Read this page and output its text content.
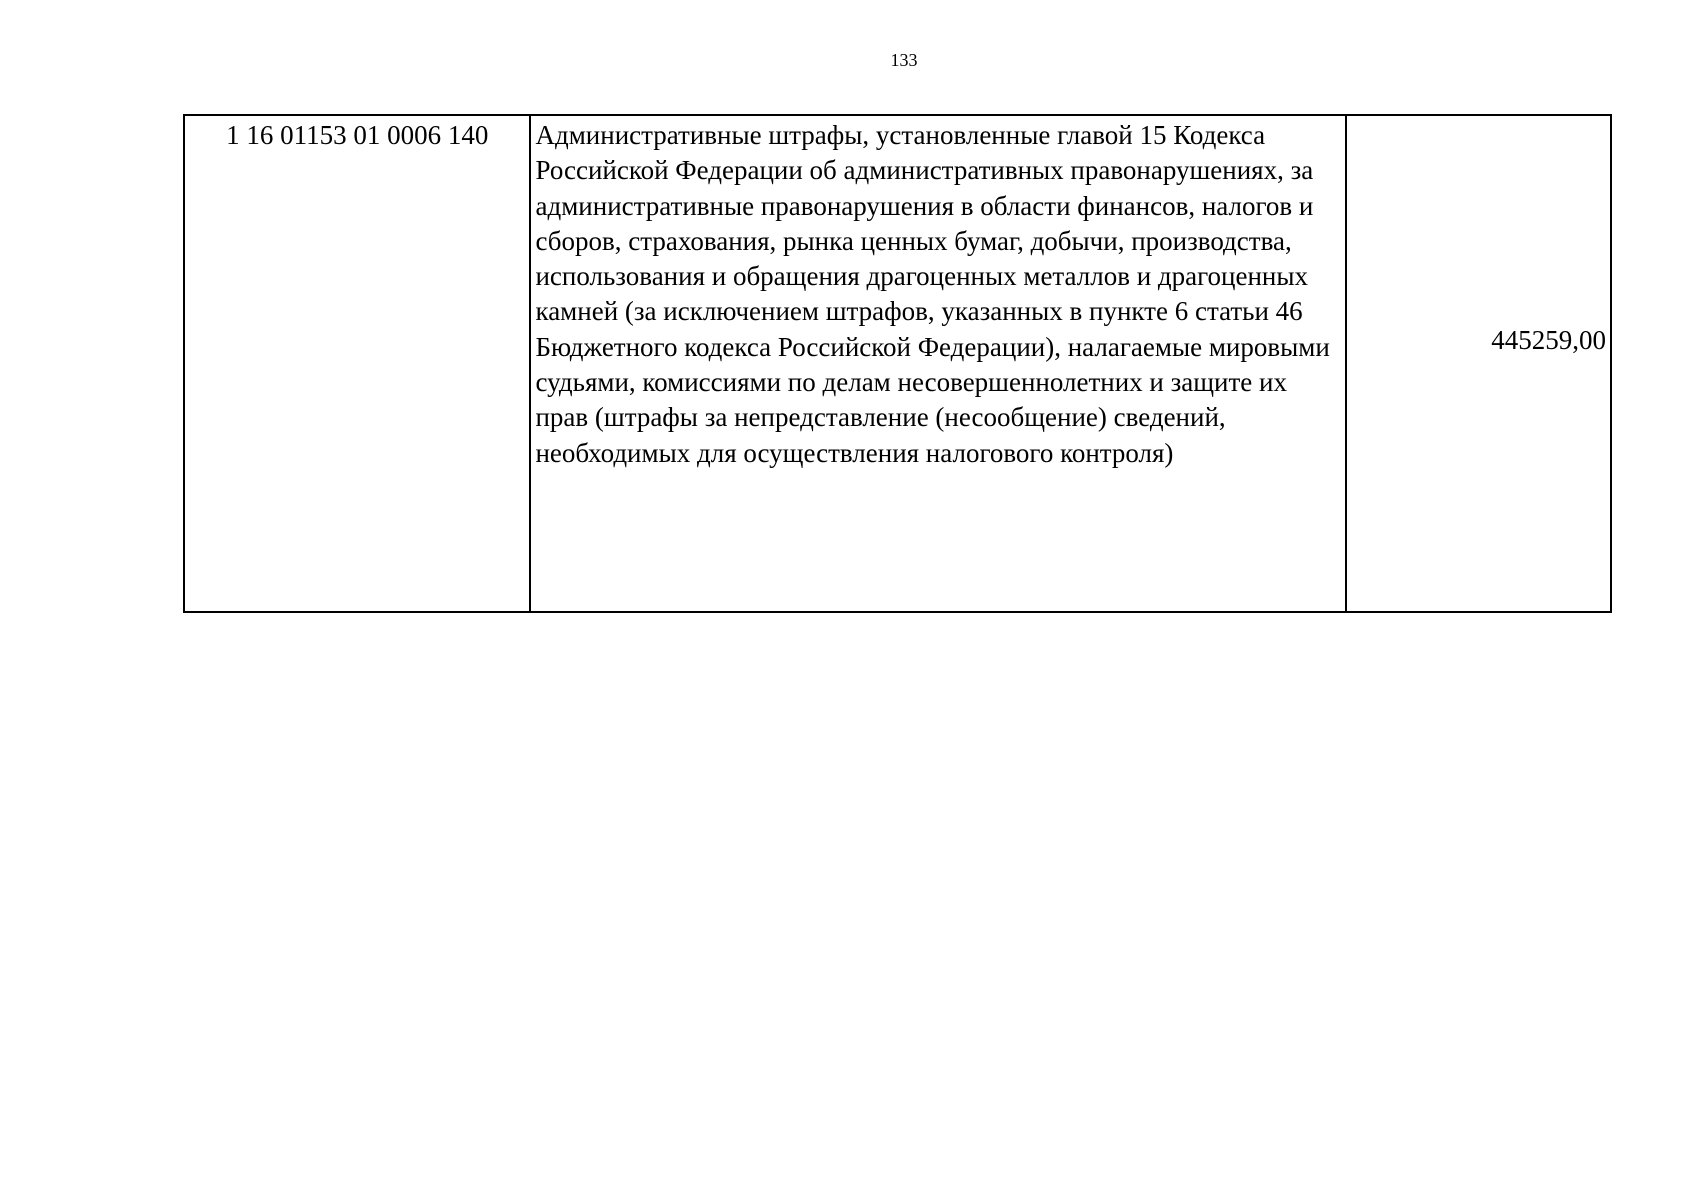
133
1 16 01153 01 0006 140	Административные штрафы, установленные главой 15 Кодекса Российской Федерации об административных правонарушениях, за административные правонарушения в области финансов, налогов и сборов, страхования, рынка ценных бумаг, добычи, производства, использования и обращения драгоценных металлов и драгоценных камней (за исключением штрафов, указанных в пункте 6 статьи 46 Бюджетного кодекса Российской Федерации), налагаемые мировыми судьями, комиссиями по делам несовершеннолетних и защите их прав (штрафы за непредставление (несообщение) сведений, необходимых для осуществления налогового контроля)	445259,00
